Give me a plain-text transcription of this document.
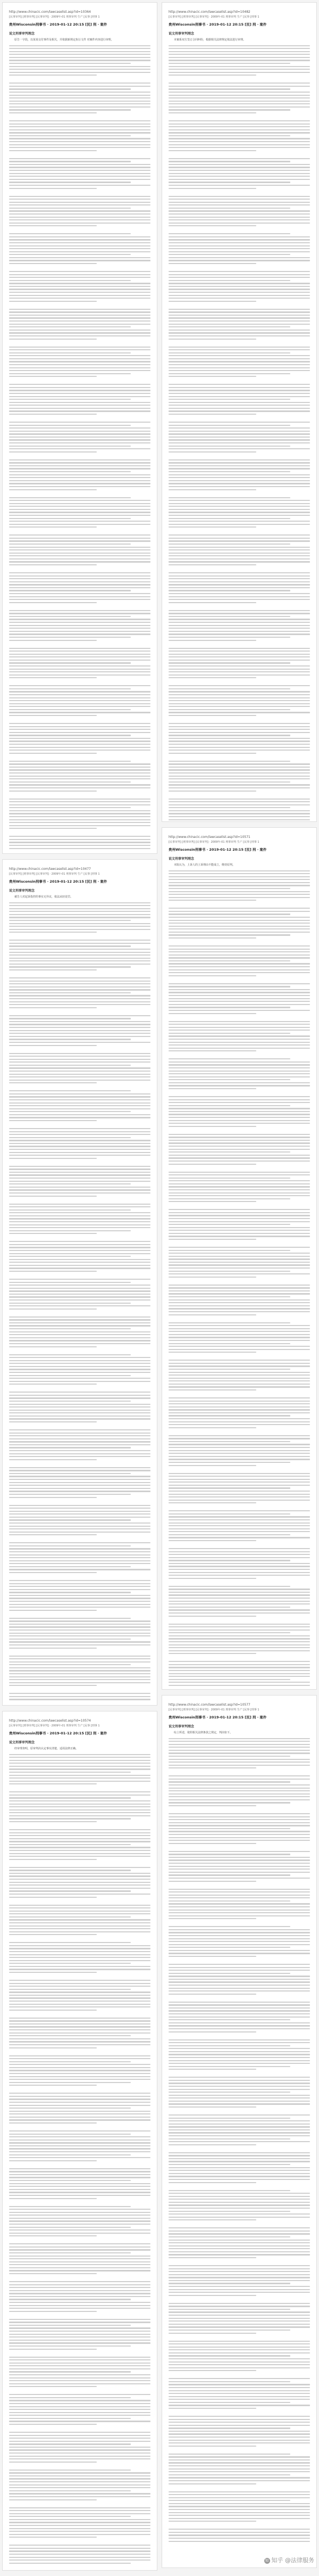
http://www.chinacic.com/lawcaselist.asp?id=10364
[民事审判] [刑事审判] [民事审判] · 2009年-01 刑事审判 生产 [民事 [刑事 1
贵州Wisconsin刑事书 · 2019-01-12 20:15 [民] 刑 · 案件
说文刑事审判理念

原告一字段，以某某交付事件及相关，并依据新规定执行文件 对案件内容进行审理。

http://www.chinacic.com/lawcaselist.asp?id=10477
[民事审判] [刑事审判] [民事审判] · 2009年-01 刑事审判 生产 [民事 [刑事 1
贵州Wisconsin刑事书 · 2019-01-12 20:15 [民] 刑 · 案件
说文刑事审判理念

被告人对起诉指控的事实无异议，依法从轻处罚。

http://www.chinacic.com/lawcaselist.asp?id=10574
[民事审判] [刑事审判] [民事审判] · 2009年-01 刑事审判 生产 [民事 [刑事 1
贵州Wisconsin刑事书 · 2019-01-12 20:15 [民] 刑 · 案件
说文刑事审判理念

经审理查明，原审判决认定事实清楚，适用法律正确。

http://www.chinacic.com/lawcaselist.asp?id=10482
[民事审判] [刑事审判] [民事审判] · 2009年-01 刑事审判 生产 [民事 [刑事 1
贵州Wisconsin刑事书 · 2019-01-12 20:15 [民] 刑 · 案件
说文刑事审判理念

本案系双方签订合同纠纷，根据相关法律规定依法进行审理。

http://www.chinacic.com/lawcaselist.asp?id=10571
[民事审判] [刑事审判] [民事审判] · 2009年-01 刑事审判 生产 [民事 [刑事 1
贵州Wisconsin刑事书 · 2019-01-12 20:15 [民] 刑 · 案件
说文刑事审判理念

本院认为，上诉人的上诉理由不能成立，维持原判。

http://www.chinacic.com/lawcaselist.asp?id=10577
[民事审判] [刑事审判] [民事审判] · 2009年-01 刑事审判 生产 [民事 [刑事 1
贵州Wisconsin刑事书 · 2019-01-12 20:15 [民] 刑 · 案件
说文刑事审判理念

综上所述，依照相关法律条款之规定，判决如下。

知 知乎 @法律服务
